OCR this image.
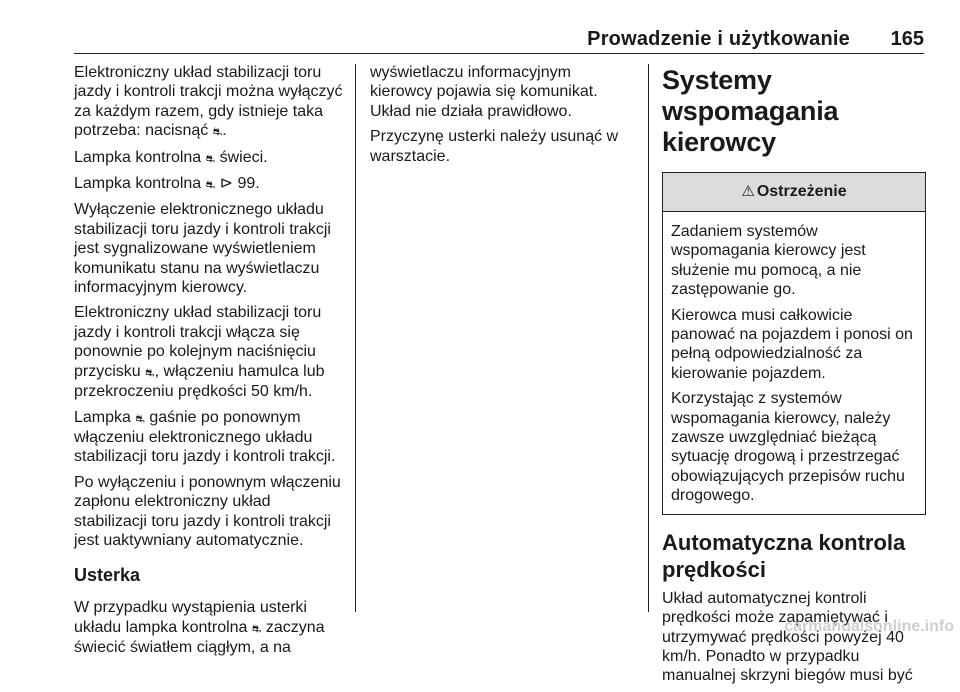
Prowadzenie i użytkowanie 165

Elektroniczny układ stabilizacji toru jazdy i kontroli trakcji można wyłączyć za każdym razem, gdy istnieje taka potrzeba: nacisnąć ⛐.

Lampka kontrolna ⛐ świeci.

Lampka kontrolna ⛐ ⊳ 99.

Wyłączenie elektronicznego układu stabilizacji toru jazdy i kontroli trakcji jest sygnalizowane wyświetleniem komunikatu stanu na wyświetlaczu informacyjnym kierowcy.

Elektroniczny układ stabilizacji toru jazdy i kontroli trakcji włącza się ponownie po kolejnym naciśnięciu przycisku ⛐, włączeniu hamulca lub przekroczeniu prędkości 50 km/h.

Lampka ⛐ gaśnie po ponownym włączeniu elektronicznego układu stabilizacji toru jazdy i kontroli trakcji.

Po wyłączeniu i ponownym włączeniu zapłonu elektroniczny układ stabilizacji toru jazdy i kontroli trakcji jest uaktywniany automatycznie.

Usterka

W przypadku wystąpienia usterki układu lampka kontrolna ⛐ zaczyna świecić światłem ciągłym, a na

wyświetlaczu informacyjnym kierowcy pojawia się komunikat. Układ nie działa prawidłowo.

Przyczynę usterki należy usunąć w warsztacie.

Systemy wspomagania kierowcy
⚠ Ostrzeżenie

Zadaniem systemów wspomagania kierowcy jest służenie mu pomocą, a nie zastępowanie go.

Kierowca musi całkowicie panować na pojazdem i ponosi on pełną odpowiedzialność za kierowanie pojazdem.

Korzystając z systemów wspomagania kierowcy, należy zawsze uwzględniać bieżącą sytuację drogową i przestrzegać obowiązujących przepisów ruchu drogowego.

Automatyczna kontrola prędkości

Układ automatycznej kontroli prędkości może zapamiętywać i utrzymywać prędkości powyżej 40 km/h. Ponadto w przypadku manualnej skrzyni biegów musi być

carmanualsonline.info
